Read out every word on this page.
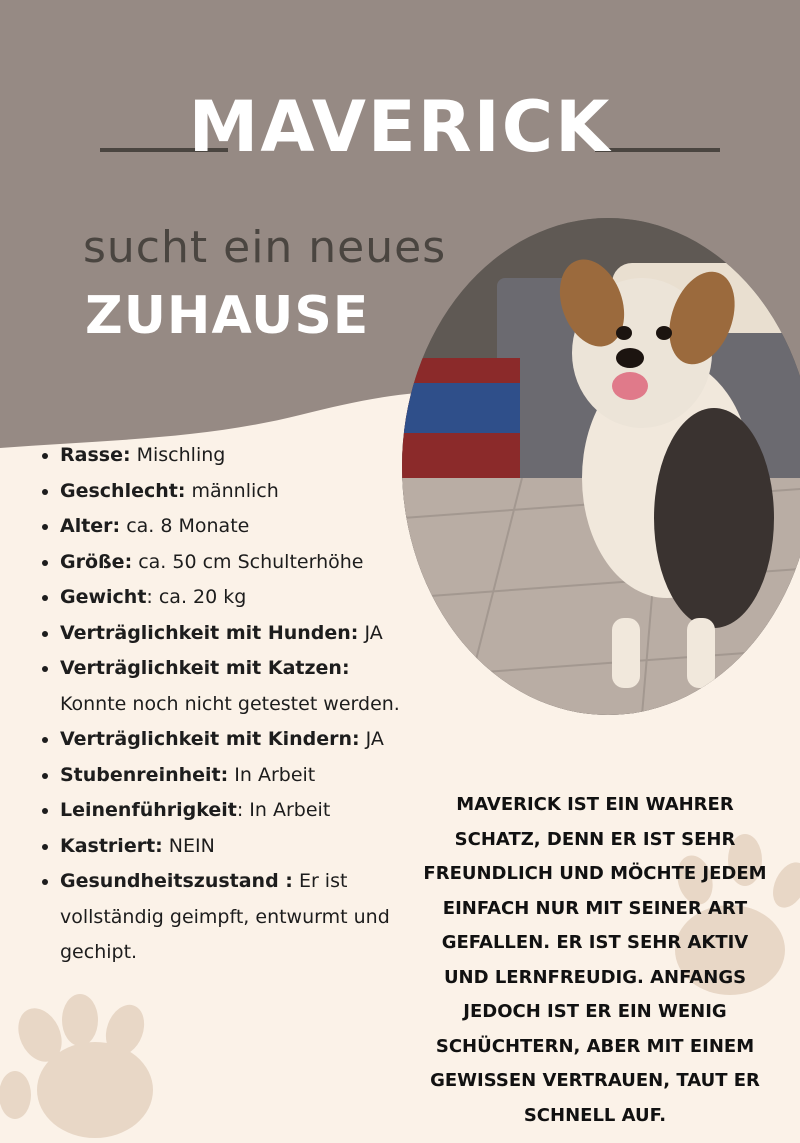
MAVERICK
sucht ein neues
ZUHAUSE
• Rasse: Mischling
• Geschlecht: männlich
• Alter: ca. 8 Monate
• Größe: ca. 50 cm Schulterhöhe
• Gewicht: ca. 20 kg
• Verträglichkeit mit Hunden: JA
• Verträglichkeit mit Katzen: Konnte noch nicht getestet werden.
• Verträglichkeit mit Kindern: JA
• Stubenreinheit: In Arbeit
• Leinenführigkeit: In Arbeit
• Kastriert: NEIN
• Gesundheitszustand : Er ist vollständig geimpft, entwurmt und gechipt.
MAVERICK IST EIN WAHRER SCHATZ, DENN ER IST SEHR FREUNDLICH UND MÖCHTE JEDEM EINFACH NUR MIT SEINER ART GEFALLEN. ER IST SEHR AKTIV UND LERNFREUDIG. ANFANGS JEDOCH IST ER EIN WENIG SCHÜCHTERN, ABER MIT EINEM GEWISSEN VERTRAUEN, TAUT ER SCHNELL AUF.
